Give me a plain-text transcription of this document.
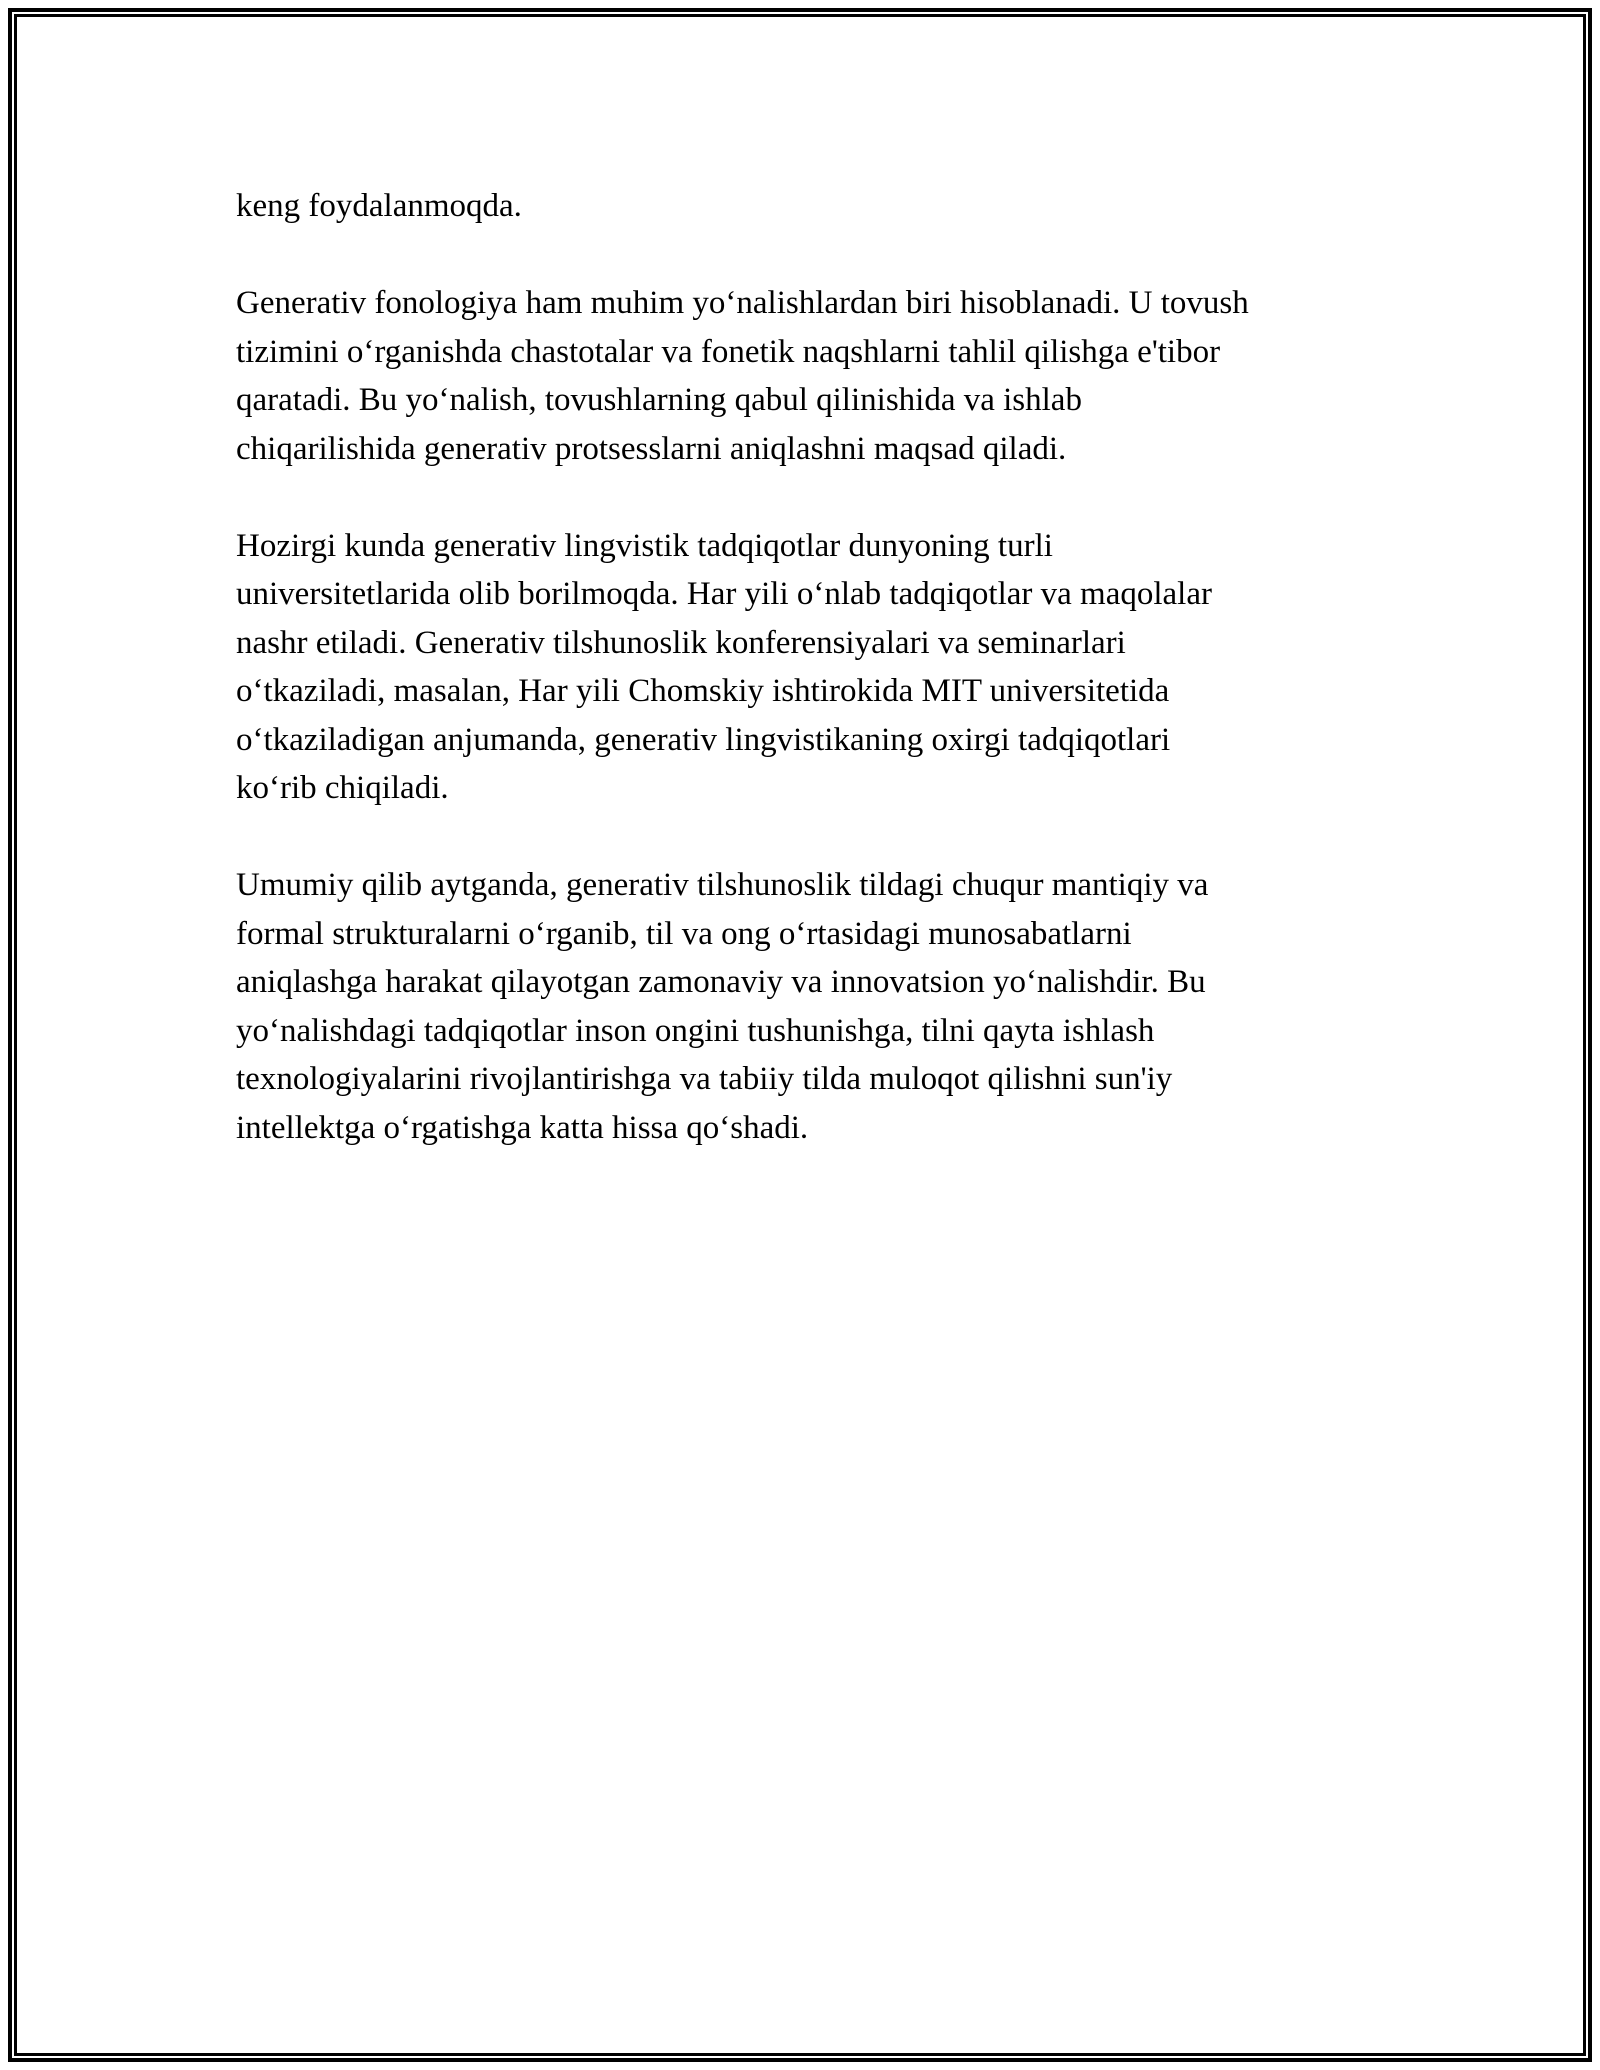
keng foydalanmoqda.

Generativ fonologiya ham muhim yo‘nalishlardan biri hisoblanadi. U tovush
tizimini o‘rganishda chastotalar va fonetik naqshlarni tahlil qilishga e'tibor
qaratadi. Bu yo‘nalish, tovushlarning qabul qilinishida va ishlab
chiqarilishida generativ protsesslarni aniqlashni maqsad qiladi.

Hozirgi kunda generativ lingvistik tadqiqotlar dunyoning turli
universitetlarida olib borilmoqda. Har yili o‘nlab tadqiqotlar va maqolalar
nashr etiladi. Generativ tilshunoslik konferensiyalari va seminarlari
o‘tkaziladi, masalan, Har yili Chomskiy ishtirokida MIT universitetida
o‘tkaziladigan anjumanda, generativ lingvistikaning oxirgi tadqiqotlari
ko‘rib chiqiladi.

Umumiy qilib aytganda, generativ tilshunoslik tildagi chuqur mantiqiy va
formal strukturalarni o‘rganib, til va ong o‘rtasidagi munosabatlarni
aniqlashga harakat qilayotgan zamonaviy va innovatsion yo‘nalishdir. Bu
yo‘nalishdagi tadqiqotlar inson ongini tushunishga, tilni qayta ishlash
texnologiyalarini rivojlantirishga va tabiiy tilda muloqot qilishni sun'iy
intellektga o‘rgatishga katta hissa qo‘shadi.
